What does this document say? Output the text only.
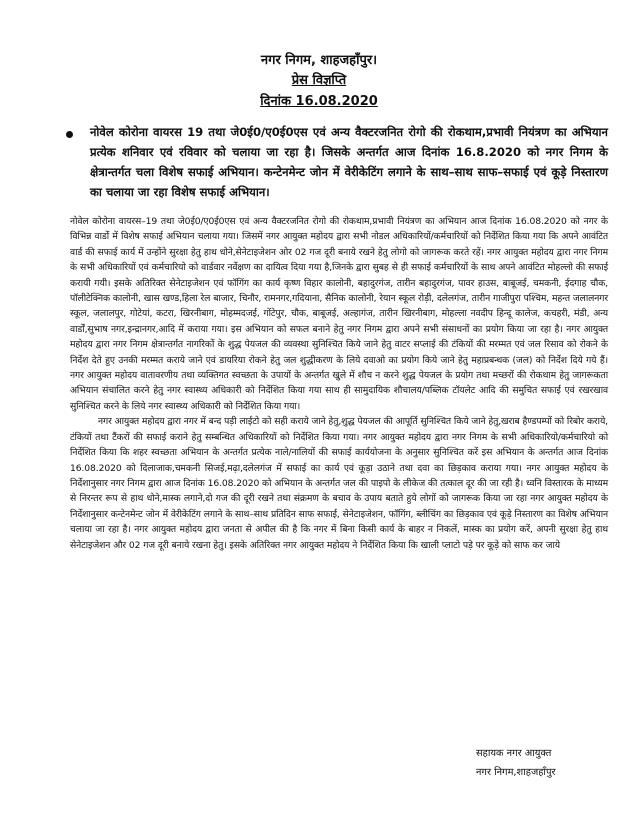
नगर निगम, शाहजहाँपुर।
प्रेस विज्ञप्ति
दिनांक 16.08.2020
नोवेल कोरोना वायरस 19 तथा जे0ई0/ए0ई0एस एवं अन्य वैक्टरजनित रोगो की रोकथाम,प्रभावी नियंत्रण का अभियान प्रत्येक शनिवार एवं रविवार को चलाया जा रहा है। जिसके अन्तर्गत आज दिनांक 16.8.2020 को नगर निगम के क्षेत्रान्तर्गत चला विशेष सफाई अभियान। कन्टेनमेन्ट जोन में वेरीकेटिंग लगाने के साथ–साथ साफ–सफाई एवं कूड़े निस्तारण का चलाया जा रहा विशेष सफाई अभियान।

नोवेल कोरोना वायरस–19 तथा जे0ई0/ए0ई0एस एवं अन्य वैक्टरजनित रोगो की रोकथाम,प्रभावी नियंत्रण का अभियान आज दिनांक 16.08.2020 को नगर के विभिन्न वार्डो में विशेष सफाई अभियान चलाया गया। जिसमें नगर आयुक्त महोदय द्वारा सभी नोडल अधिकारियों/कर्मचारियों को निर्देशित किया गया कि अपने आवंटित वार्ड की सफाई कार्य में उन्होंने सुरक्षा हेतु हाथ धोने,सेनेटाइजेशन ओर 02 गज दूरी बनाये रखने हेतु लोगो को जागरूक करते रहें। नगर आयुक्त महोदय द्वारा नगर निगम के सभी अधिकारियों एवं कर्मचारियो को वार्डवार नर्वेक्षण का दायित्व दिया गया है,जिनके द्वारा सुबह से ही सफाई कर्मचारियों के साथ अपने आवंटित मोहल्लो की सफाई करायी गयी। इसके अतिरिक्त सेनेटाइजेशन एवं फॉगिंग का कार्य कृष्ण विहार कालोनी, बहादुरगंज, तारीन बहादुरगंज, पावर हाउस, बाबूजई, चमकनी, ईदगाह चौक, पॉलीटेक्निक कालोनी, खास खण्ड,हिला रेल बाजार, चिनौर, रामनगर,गदियाना, सैनिक कालोनी, रेयान स्कूल रोड़ी, दलेलगंज, तारीन गाजीपुरा पश्चिम, महन्त जलालनगर स्कूल, जलालपुर, गोटेयां, कटरा, खिरनीबाग, मोहम्मदजई, गोंटेपुर, चौक, बाबूजई, अल्हागंज, तारीन खिरनीबाग, मोहल्ला नवदीप हिन्दू कालेज, कचहरी, मंडी, अन्य वार्डों,सुभाष नगर,इन्द्रानगर,आदि में कराया गया। इस अभियान को सफल बनाने हेतु नगर निगम द्वारा अपने सभी संसाधनों का प्रयोग किया जा रहा है। नगर आयुक्त महोदय द्वारा नगर निगम क्षेत्रान्तर्गत नागरिकों के शुद्ध पेयजल की व्यवस्था सुनिश्चित किये जाने हेतु वाटर सप्लाई की टंकियों की मरम्मत एवं जल रिसाव को रोकने के निर्देश देते हुए उनकी मरम्मत कराये जाने एवं डायरिया रोकने हेतु जल शुद्धीकरण के लिये दवाओ का प्रयोग किये जाने हेतु महाप्रबन्धक (जल) को निर्देश दिये गये हैं। नगर आयुक्त महोदय वातावरणीय तथा व्यक्तिगत स्वच्छता के उपायों के अन्तर्गत खुले में शौच न करने शुद्ध पेयजल के प्रयोग तथा मच्छरों की रोकथाम हेतु जागरूकता अभियान संचालित करने हेतु नगर स्वास्थ्य अधिकारी को निर्देशित किया गया साथ ही सामुदायिक शौचालय/पब्लिक टॉयलेट आदि की समुचित सफाई एवं रखरखाव सुनिश्चित करने के लिये नगर स्वास्थ्य अधिकारी को निर्देशित किया गया।

नगर आयुक्त महोदय द्वारा नगर में बन्द पड़ी लाईटो को सही कराये जाने हेतु,शुद्ध पेयजल की आपूर्ति सुनिश्चित किये जाने हेतु,खराब हैण्डपम्पों को रिबोर कराये, टंकियों तथा टैंकरों की सफाई कराने हेतु सम्बन्धित अधिकारियों को निर्देशित किया गया। नगर आयुक्त महोदय द्वारा नगर निगम के सभी अधिकारियो/कर्मचारियो को निर्देशित किया कि शहर स्वच्छता अभियान के अन्तर्गत प्रत्येक नाले/नालियों की सफाई कार्ययोजना के अनुसार सुनिश्चित करें इस अभियान के अन्तर्गत आज दिनांक 16.08.2020 को दिलाजाक,चमकनी सिजई,मढ़ा,दलेलगंज में सफाई का कार्य एवं कूड़ा उठाने तथा दवा का छिड़काव कराया गया। नगर आयुक्त महोदय के निर्देशानुसार नगर निगम द्वारा आज दिनांक 16.08.2020 को अभियान के अन्तर्गत जल की पाइपो के लीकेज की तत्काल दूर की जा रही है। ध्वनि विस्तारक के माध्यम से निरन्तर रूप से हाथ धोने,मास्क लगाने,दो गज की दूरी रखने तथा संक्रमण के बचाव के उपाय बताते हुये लोगों को जागरूक किया जा रहा नगर आयुक्त महोदय के निर्देशानुसार कन्टेनमेन्ट जोन में वेरीकेटिंग लगाने के साथ–साथ प्रतिदिन साफ सफाई, सेनेटाइजेशन, फॉगिंग, ब्लीचिंग का छिड़काव एवं कूड़े निस्तारण का विशेष अभियान चलाया जा रहा है। नगर आयुक्त महोदय द्वारा जनता से अपील की है कि नगर में बिना किसी कार्य के बाहर न निकलें, मास्क का प्रयोग करें, अपनी सुरक्षा हेतु हाथ सेनेटाइजेशन और 02 गज दूरी बनाये रखना हेतु। इसके अतिरिक्त नगर आयुक्त महोदय ने निर्देशित किया कि खाली प्लाटो पड़े पर कूड़े को साफ कर जाये

सहायक नगर आयुक्त
नगर निगम,शाहजहाँपुर
